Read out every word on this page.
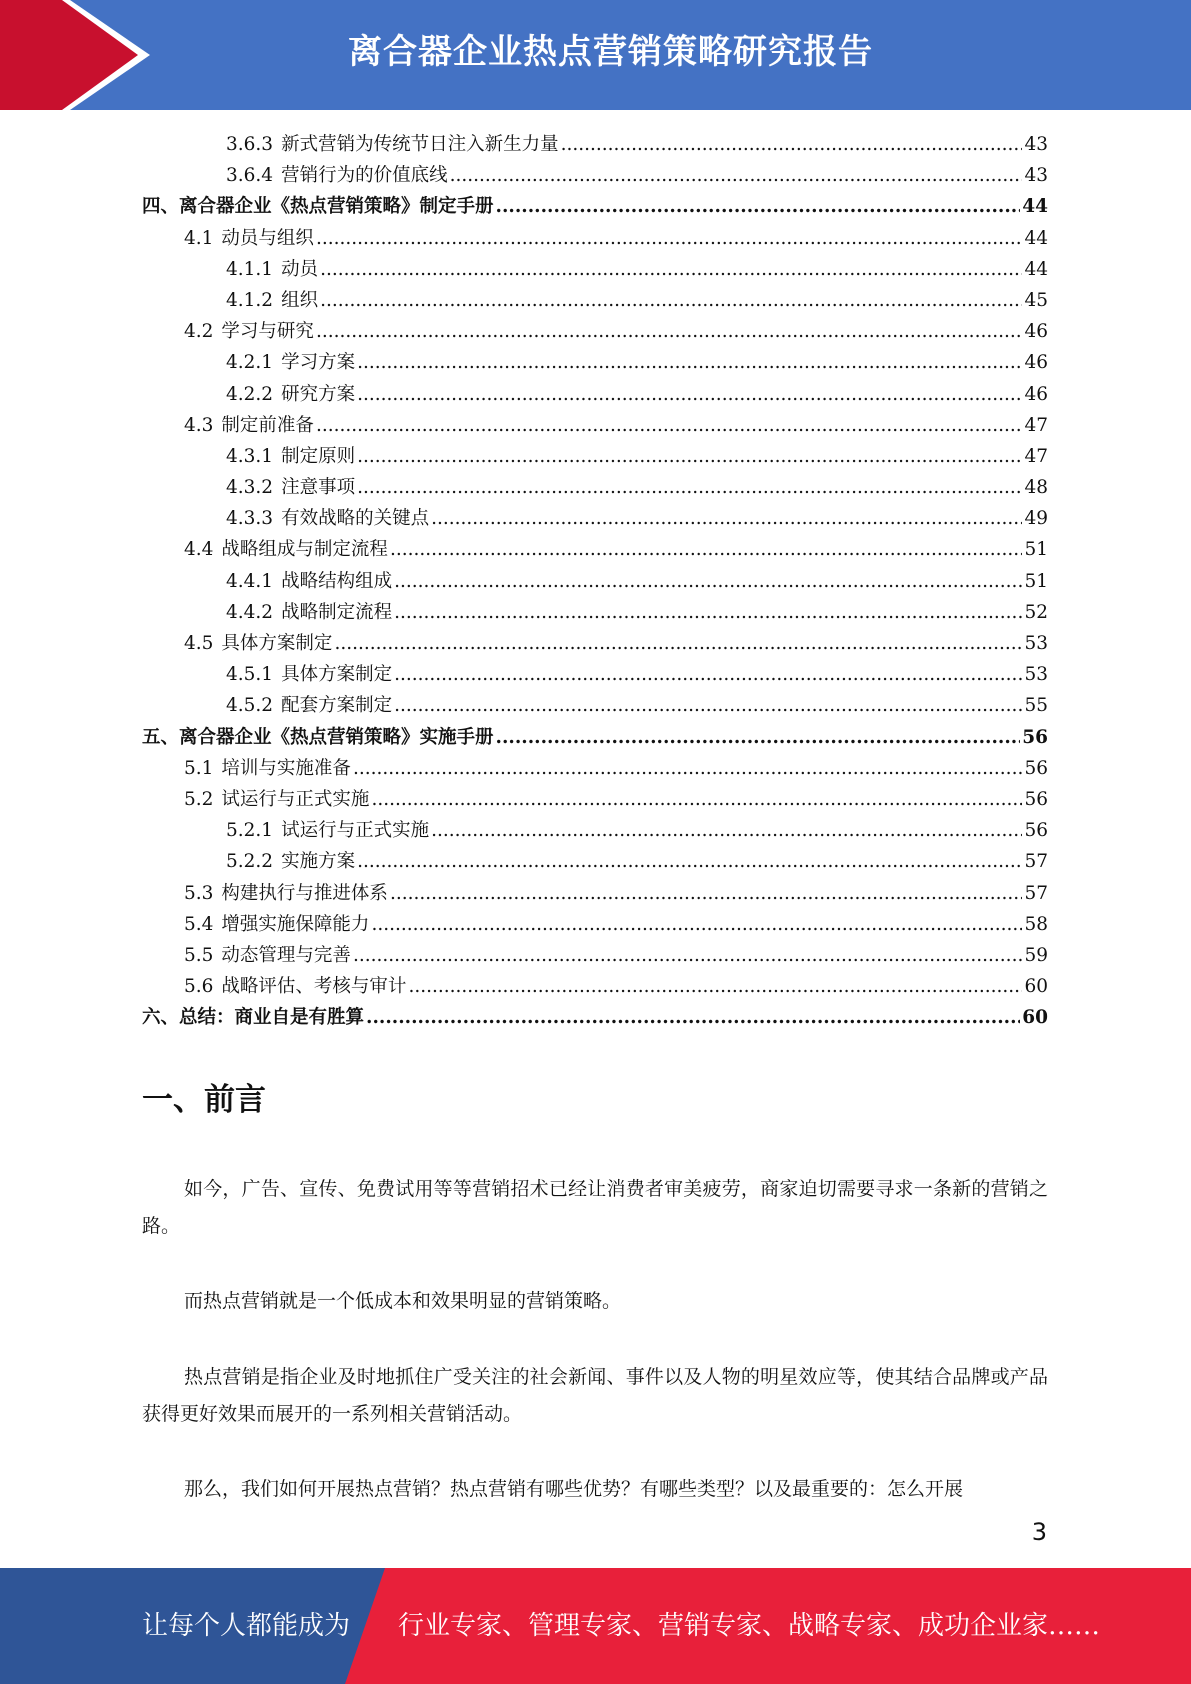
离合器企业热点营销策略研究报告
3.6.3 新式营销为传统节日注入新生力量 .....	43
3.6.4 营销行为的价值底线 .....	43
四、离合器企业《热点营销策略》制定手册 .....	44
4.1 动员与组织 .....	44
4.1.1 动员 .....	44
4.1.2 组织 .....	45
4.2 学习与研究 .....	46
4.2.1 学习方案 .....	46
4.2.2 研究方案 .....	46
4.3 制定前准备 .....	47
4.3.1 制定原则 .....	47
4.3.2 注意事项 .....	48
4.3.3 有效战略的关键点 .....	49
4.4 战略组成与制定流程 .....	51
4.4.1 战略结构组成 .....	51
4.4.2 战略制定流程 .....	52
4.5 具体方案制定 .....	53
4.5.1 具体方案制定 .....	53
4.5.2 配套方案制定 .....	55
五、离合器企业《热点营销策略》实施手册 .....	56
5.1 培训与实施准备 .....	56
5.2 试运行与正式实施 .....	56
5.2.1 试运行与正式实施 .....	56
5.2.2 实施方案 .....	57
5.3 构建执行与推进体系 .....	57
5.4 增强实施保障能力 .....	58
5.5 动态管理与完善 .....	59
5.6 战略评估、考核与审计 .....	60
六、总结：商业自是有胜算 .....	60
一、前言

如今，广告、宣传、免费试用等等营销招术已经让消费者审美疲劳，商家迫切需要寻求一条新的营销之路。

而热点营销就是一个低成本和效果明显的营销策略。

热点营销是指企业及时地抓住广受关注的社会新闻、事件以及人物的明星效应等，使其结合品牌或产品获得更好效果而展开的一系列相关营销活动。

那么，我们如何开展热点营销？热点营销有哪些优势？有哪些类型？以及最重要的：怎么开展

3
让每个人都能成为 行业专家、管理专家、营销专家、战略专家、成功企业家……
